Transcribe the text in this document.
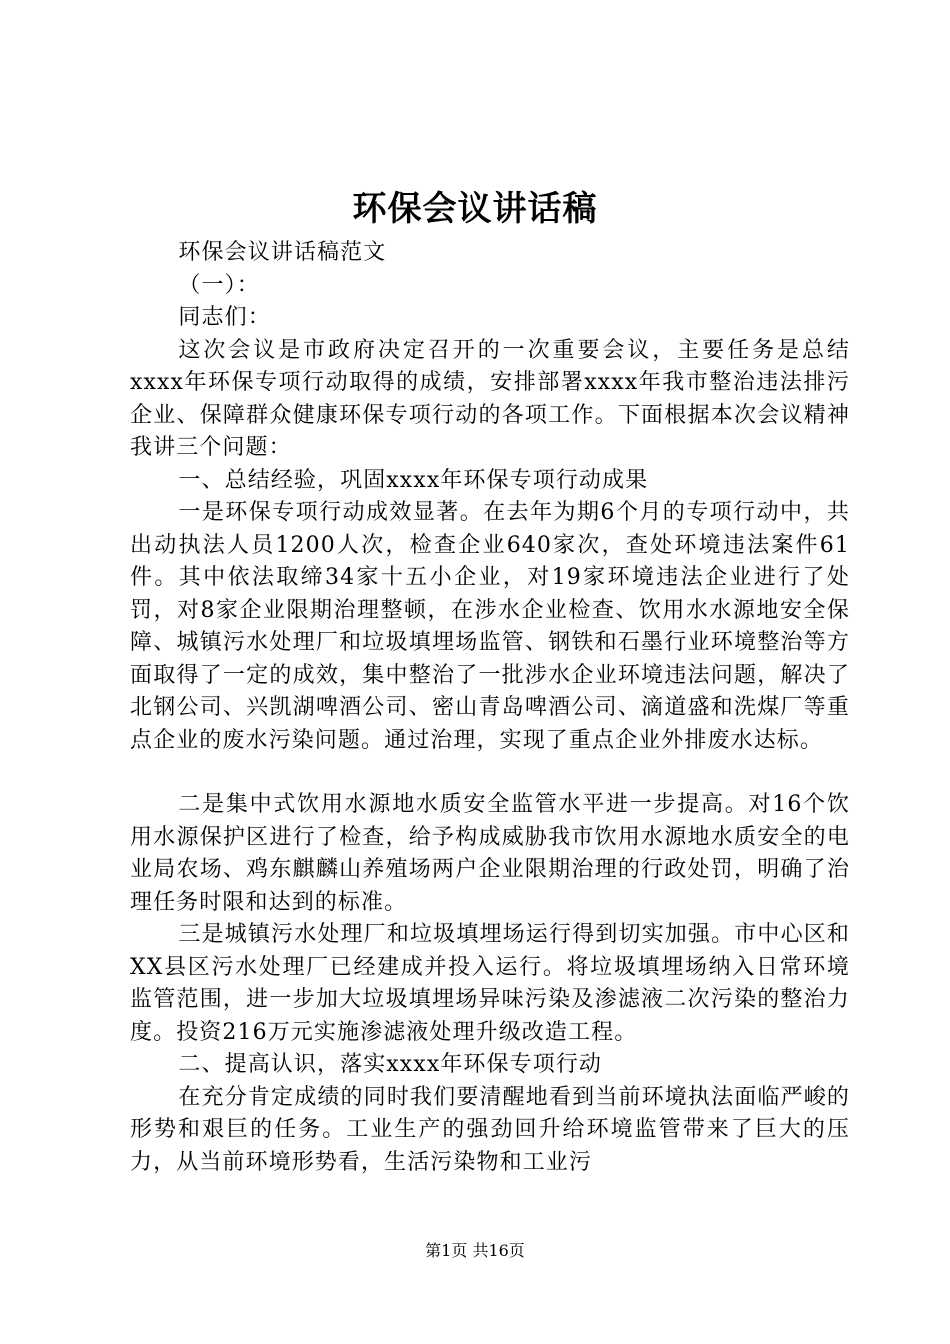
环保会议讲话稿

环保会议讲话稿范文

（一）：

同志们：

这次会议是市政府决定召开的一次重要会议，主要任务是总结xxxx年环保专项行动取得的成绩，安排部署xxxx年我市整治违法排污企业、保障群众健康环保专项行动的各项工作。下面根据本次会议精神我讲三个问题：

一、总结经验，巩固xxxx年环保专项行动成果

一是环保专项行动成效显著。在去年为期6个月的专项行动中，共出动执法人员1200人次，检查企业640家次，查处环境违法案件61件。其中依法取缔34家十五小企业，对19家环境违法企业进行了处罚，对8家企业限期治理整顿，在涉水企业检查、饮用水水源地安全保障、城镇污水处理厂和垃圾填埋场监管、钢铁和石墨行业环境整治等方面取得了一定的成效，集中整治了一批涉水企业环境违法问题，解决了北钢公司、兴凯湖啤酒公司、密山青岛啤酒公司、滴道盛和洗煤厂等重点企业的废水污染问题。通过治理，实现了重点企业外排废水达标。

二是集中式饮用水源地水质安全监管水平进一步提高。对16个饮用水源保护区进行了检查，给予构成威胁我市饮用水源地水质安全的电业局农场、鸡东麒麟山养殖场两户企业限期治理的行政处罚，明确了治理任务时限和达到的标准。

三是城镇污水处理厂和垃圾填埋场运行得到切实加强。市中心区和XX县区污水处理厂已经建成并投入运行。将垃圾填埋场纳入日常环境监管范围，进一步加大垃圾填埋场异味污染及渗滤液二次污染的整治力度。投资216万元实施渗滤液处理升级改造工程。

二、提高认识，落实xxxx年环保专项行动

在充分肯定成绩的同时我们要清醒地看到当前环境执法面临严峻的形势和艰巨的任务。工业生产的强劲回升给环境监管带来了巨大的压力，从当前环境形势看，生活污染物和工业污

第1页 共16页
